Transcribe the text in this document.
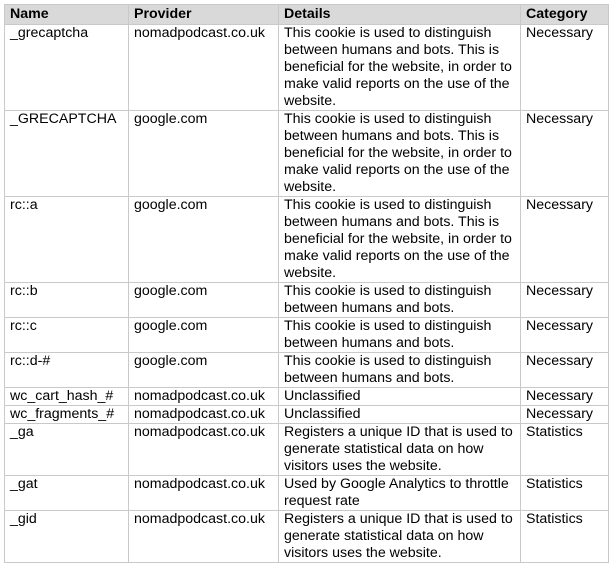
Name	Provider	Details	Category
_grecaptcha	nomadpodcast.co.uk	This cookie is used to distinguish between humans and bots. This is beneficial for the website, in order to make valid reports on the use of the website.	Necessary
_GRECAPTCHA	google.com	This cookie is used to distinguish between humans and bots. This is beneficial for the website, in order to make valid reports on the use of the website.	Necessary
rc::a	google.com	This cookie is used to distinguish between humans and bots. This is beneficial for the website, in order to make valid reports on the use of the website.	Necessary
rc::b	google.com	This cookie is used to distinguish between humans and bots.	Necessary
rc::c	google.com	This cookie is used to distinguish between humans and bots.	Necessary
rc::d-#	google.com	This cookie is used to distinguish between humans and bots.	Necessary
wc_cart_hash_#	nomadpodcast.co.uk	Unclassified	Necessary
wc_fragments_#	nomadpodcast.co.uk	Unclassified	Necessary
_ga	nomadpodcast.co.uk	Registers a unique ID that is used to generate statistical data on how visitors uses the website.	Statistics
_gat	nomadpodcast.co.uk	Used by Google Analytics to throttle request rate	Statistics
_gid	nomadpodcast.co.uk	Registers a unique ID that is used to generate statistical data on how visitors uses the website.	Statistics
